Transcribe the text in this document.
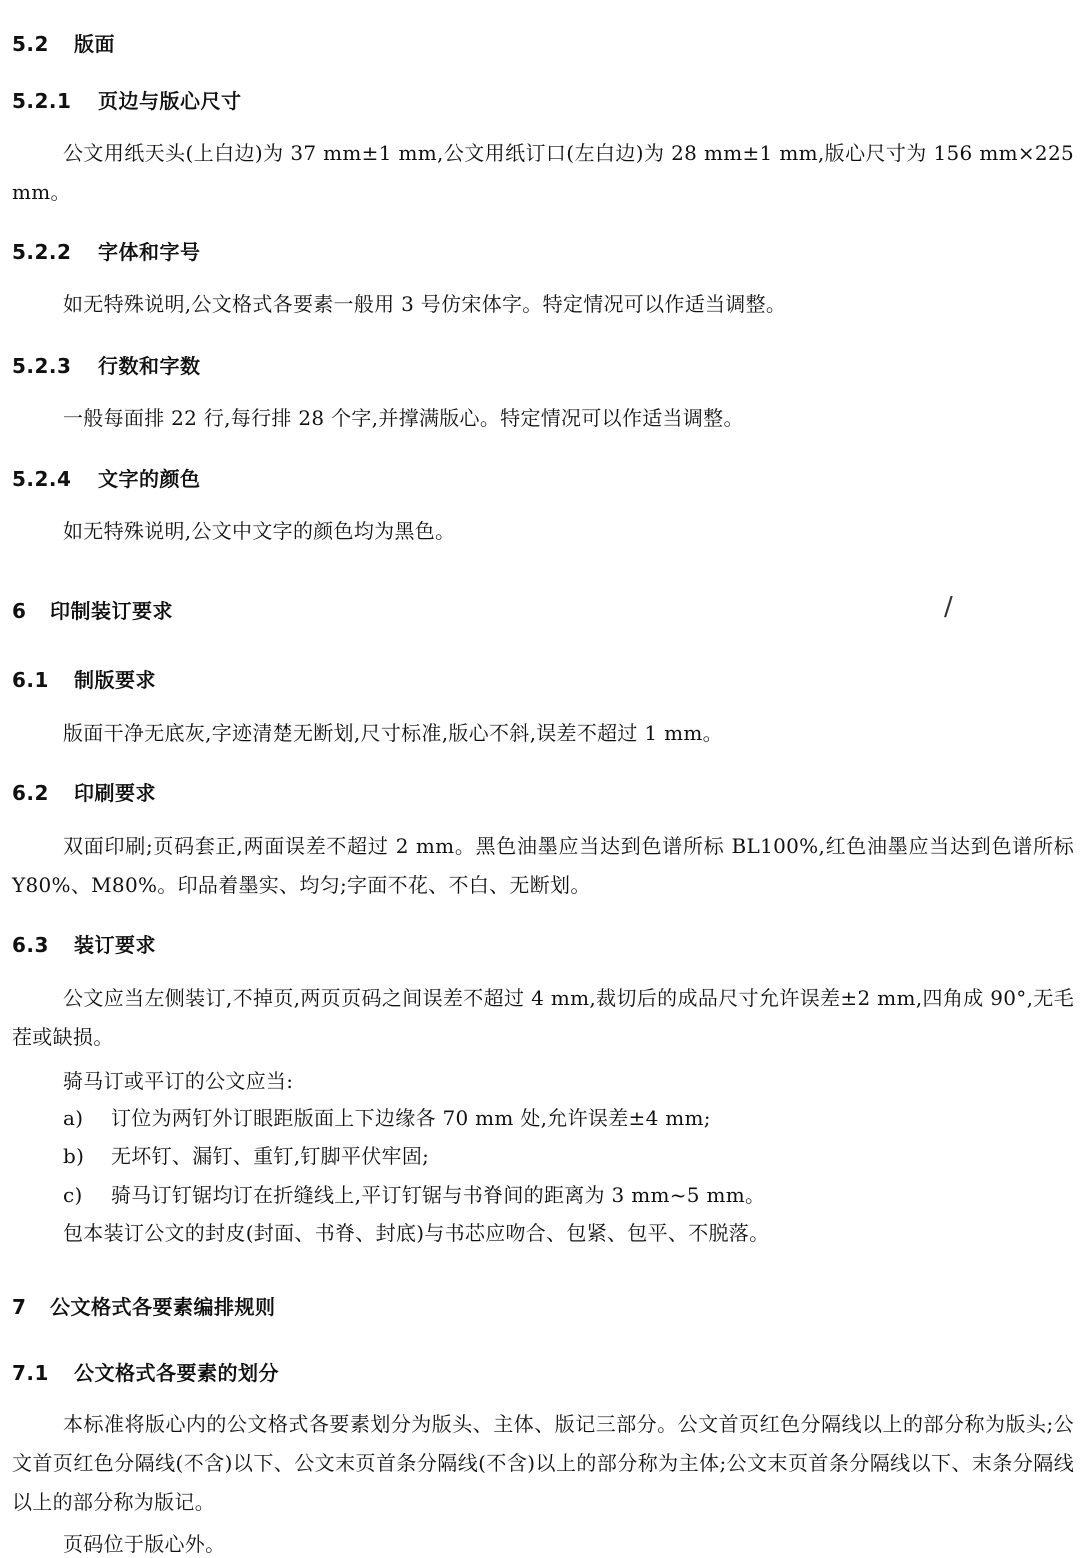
5.2 版面
5.2.1 页边与版心尺寸
公文用纸天头(上白边)为 37 mm±1 mm,公文用纸订口(左白边)为 28 mm±1 mm,版心尺寸为 156 mm×225 mm。
5.2.2 字体和字号
如无特殊说明,公文格式各要素一般用 3 号仿宋体字。特定情况可以作适当调整。
5.2.3 行数和字数
一般每面排 22 行,每行排 28 个字,并撑满版心。特定情况可以作适当调整。
5.2.4 文字的颜色
如无特殊说明,公文中文字的颜色均为黑色。
6 印制装订要求	/
6.1 制版要求
版面干净无底灰,字迹清楚无断划,尺寸标准,版心不斜,误差不超过 1 mm。
6.2 印刷要求
双面印刷;页码套正,两面误差不超过 2 mm。黑色油墨应当达到色谱所标 BL100%,红色油墨应当达到色谱所标 Y80%、M80%。印品着墨实、均匀;字面不花、不白、无断划。
6.3 装订要求
公文应当左侧装订,不掉页,两页页码之间误差不超过 4 mm,裁切后的成品尺寸允许误差±2 mm,四角成 90°,无毛茬或缺损。
骑马订或平订的公文应当:
a) 订位为两钉外订眼距版面上下边缘各 70 mm 处,允许误差±4 mm;
b) 无坏钉、漏钉、重钉,钉脚平伏牢固;
c) 骑马订钉锯均订在折缝线上,平订钉锯与书脊间的距离为 3 mm~5 mm。
包本装订公文的封皮(封面、书脊、封底)与书芯应吻合、包紧、包平、不脱落。
7 公文格式各要素编排规则
7.1 公文格式各要素的划分
本标准将版心内的公文格式各要素划分为版头、主体、版记三部分。公文首页红色分隔线以上的部分称为版头;公文首页红色分隔线(不含)以下、公文末页首条分隔线(不含)以上的部分称为主体;公文末页首条分隔线以下、末条分隔线以上的部分称为版记。
页码位于版心外。
